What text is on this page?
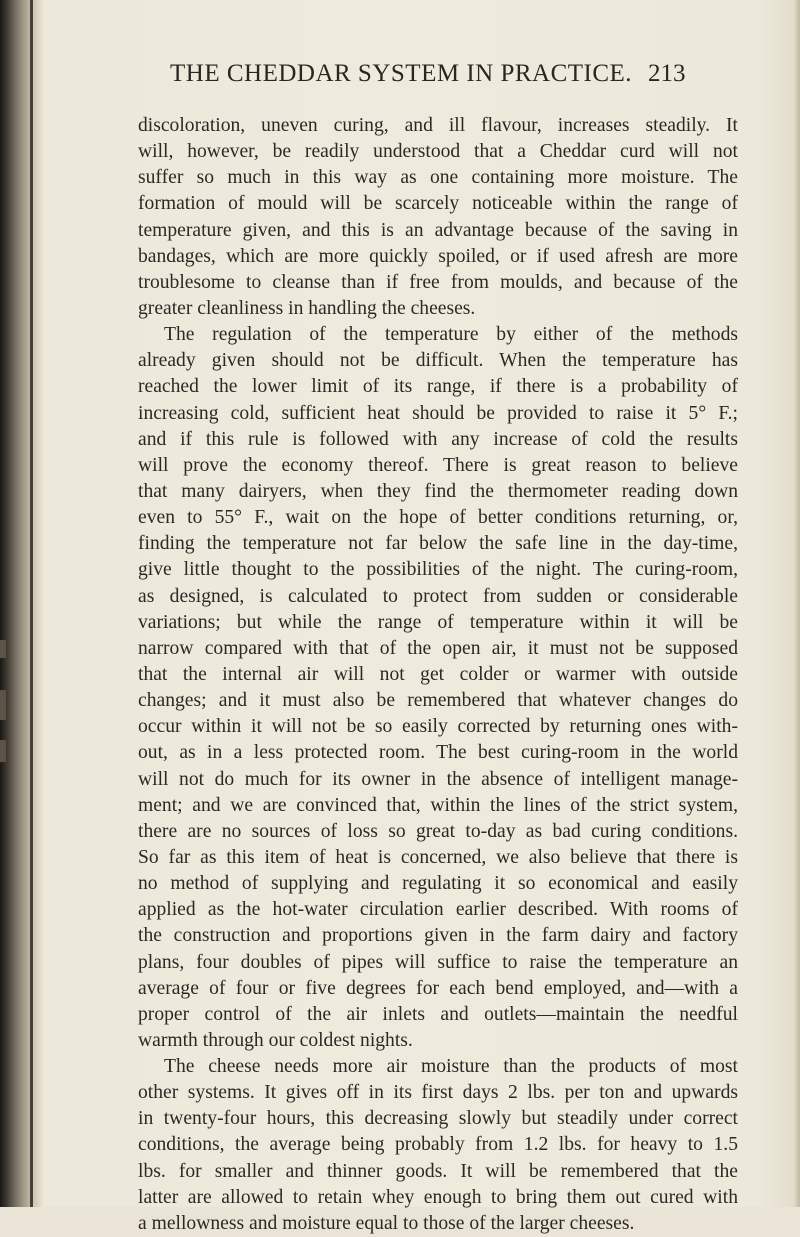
THE CHEDDAR SYSTEM IN PRACTICE. 213
discoloration, uneven curing, and ill flavour, increases steadily. It
will, however, be readily understood that a Cheddar curd will not
suffer so much in this way as one containing more moisture. The
formation of mould will be scarcely noticeable within the range of
temperature given, and this is an advantage because of the saving in
bandages, which are more quickly spoiled, or if used afresh are more
troublesome to cleanse than if free from moulds, and because of the
greater cleanliness in handling the cheeses.
The regulation of the temperature by either of the methods
already given should not be difficult. When the temperature has
reached the lower limit of its range, if there is a probability of
increasing cold, sufficient heat should be provided to raise it 5° F.;
and if this rule is followed with any increase of cold the results
will prove the economy thereof. There is great reason to believe
that many dairyers, when they find the thermometer reading down
even to 55° F., wait on the hope of better conditions returning, or,
finding the temperature not far below the safe line in the day-time,
give little thought to the possibilities of the night. The curing-room,
as designed, is calculated to protect from sudden or considerable
variations; but while the range of temperature within it will be
narrow compared with that of the open air, it must not be supposed
that the internal air will not get colder or warmer with outside
changes; and it must also be remembered that whatever changes do
occur within it will not be so easily corrected by returning ones with-
out, as in a less protected room. The best curing-room in the world
will not do much for its owner in the absence of intelligent manage-
ment; and we are convinced that, within the lines of the strict system,
there are no sources of loss so great to-day as bad curing conditions.
So far as this item of heat is concerned, we also believe that there is
no method of supplying and regulating it so economical and easily
applied as the hot-water circulation earlier described. With rooms of
the construction and proportions given in the farm dairy and factory
plans, four doubles of pipes will suffice to raise the temperature an
average of four or five degrees for each bend employed, and—with a
proper control of the air inlets and outlets—maintain the needful
warmth through our coldest nights.
The cheese needs more air moisture than the products of most
other systems. It gives off in its first days 2 lbs. per ton and upwards
in twenty-four hours, this decreasing slowly but steadily under correct
conditions, the average being probably from 1.2 lbs. for heavy to 1.5
lbs. for smaller and thinner goods. It will be remembered that the
latter are allowed to retain whey enough to bring them out cured with
a mellowness and moisture equal to those of the larger cheeses.
